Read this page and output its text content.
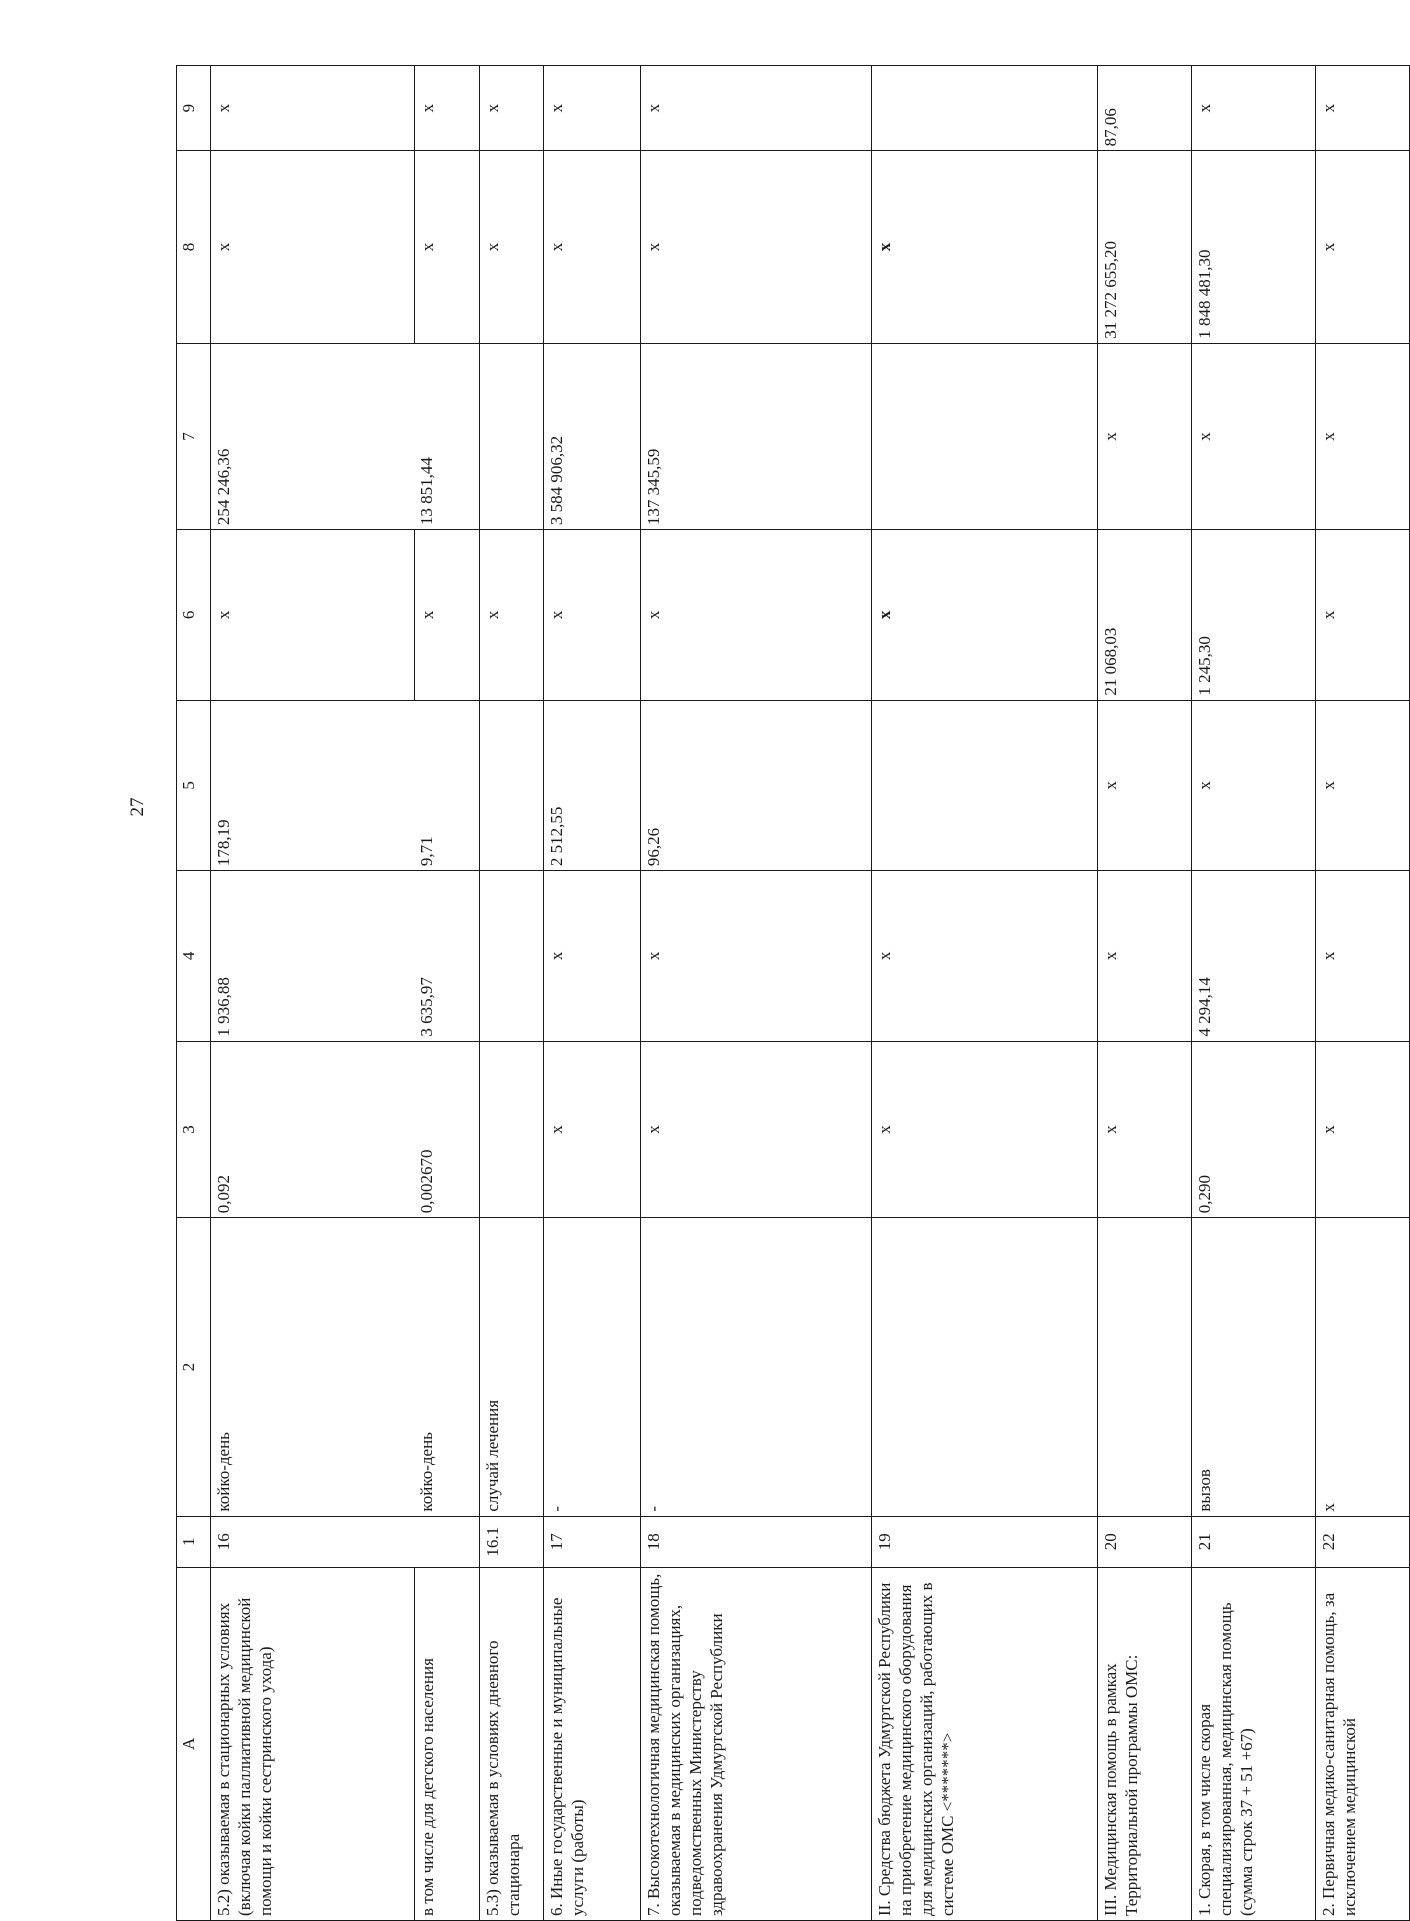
27
А	1	2	3	4	5	6	7	8	9
5.2) оказываемая в стационарных условиях (включая койки паллиативной медицинской помощи и койки сестринского ухода)	16	койко-день	0,092	1 936,88	178,19	х	254 246,36	х	х
в том числе для детского населения		койко-день	0,002670	3 635,97	9,71	х	13 851,44	х	х
5.3) оказываемая в условиях дневного стационара	16.1	случай лечения				х		х	х
6. Иные государственные и муниципальные услуги (работы)	17	-	х	х	2 512,55	х	3 584 906,32	х	х
7. Высокотехнологичная медицинская помощь, оказываемая в медицинских организациях, подведомственных Министерству здравоохранения Удмуртской Республики	18	-	х	х	96,26	х	137 345,59	х	х
II. Средства бюджета Удмуртской Республики на приобретение медицинского оборудования для медицинских организаций, работающих в системе ОМС <*******>	19		х	х		х		х	
III. Медицинская помощь в рамках Территориальной программы ОМС:	20		х	х	х	21 068,03	х	31 272 655,20	87,06
1. Скорая, в том числе скорая специализированная, медицинская помощь (сумма строк 37 + 51 +67)	21	вызов	0,290	4 294,14	х	1 245,30	х	1 848 481,30	х
2. Первичная медико-санитарная помощь, за исключением медицинской	22	х	х	х	х	х	х	х	х
